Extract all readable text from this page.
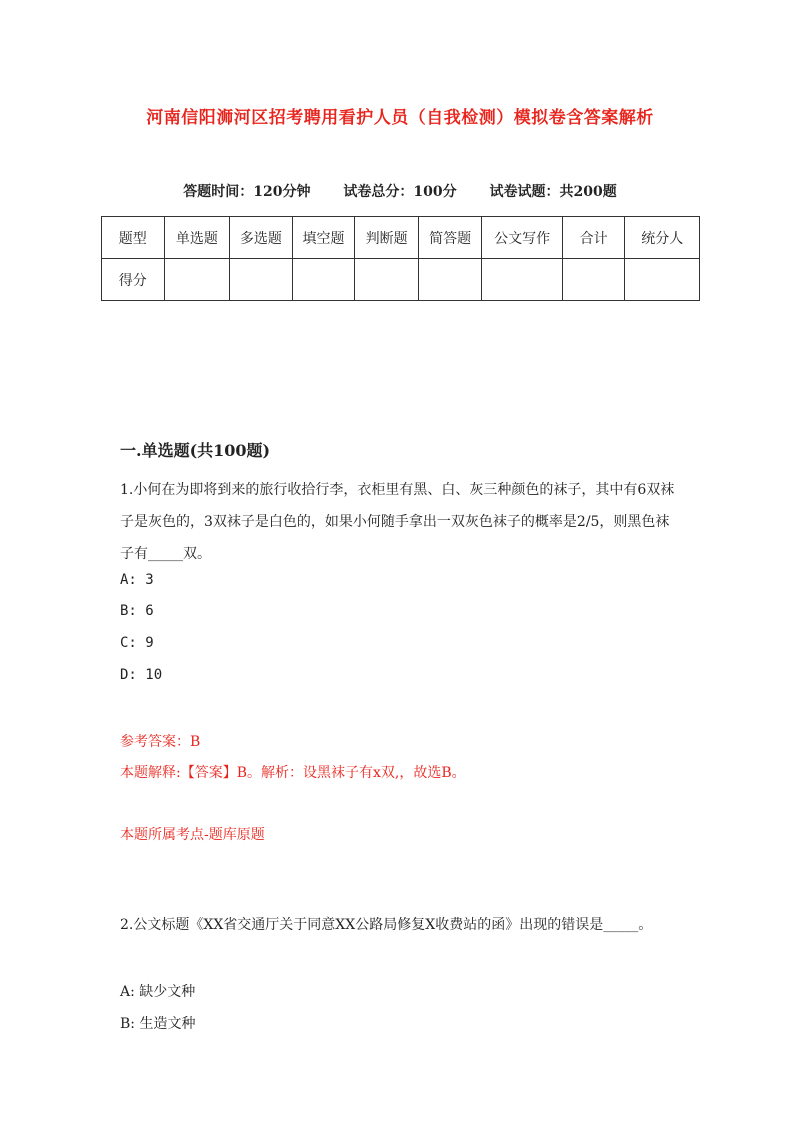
河南信阳浉河区招考聘用看护人员（自我检测）模拟卷含答案解析
答题时间：120分钟 试卷总分：100分 试卷试题：共200题
题型	单选题	多选题	填空题	判断题	简答题	公文写作	合计	统分人
得分								
一.单选题(共100题)
1.小何在为即将到来的旅行收拾行李，衣柜里有黑、白、灰三种颜色的袜子，其中有6双袜子是灰色的，3双袜子是白色的，如果小何随手拿出一双灰色袜子的概率是2/5，则黑色袜子有_____双。
A: 3
B: 6
C: 9
D: 10
参考答案：B
本题解释:【答案】B。解析：设黑袜子有x双,，故选B。
本题所属考点-题库原题
2.公文标题《XX省交通厅关于同意XX公路局修复X收费站的函》出现的错误是_____。
A: 缺少文种
B: 生造文种
